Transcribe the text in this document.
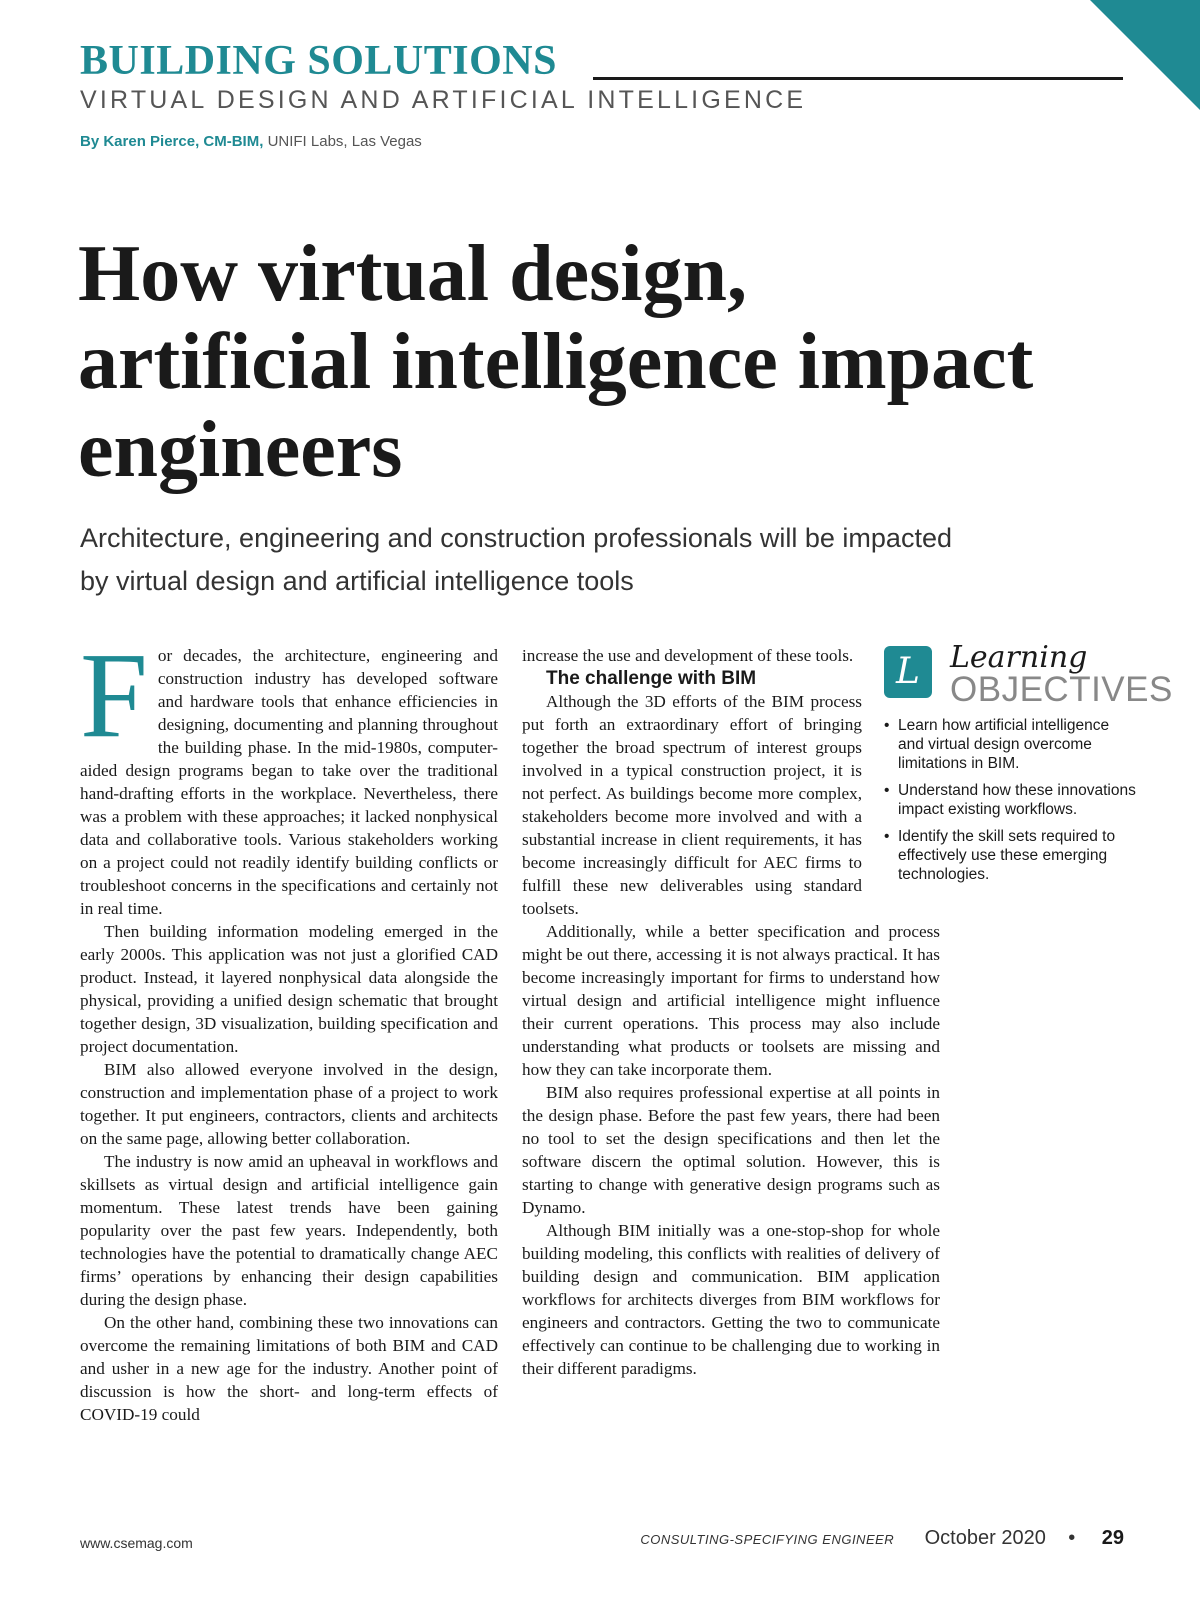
BUILDING SOLUTIONS
VIRTUAL DESIGN AND ARTIFICIAL INTELLIGENCE
By Karen Pierce, CM-BIM, UNIFI Labs, Las Vegas
How virtual design, artificial intelligence impact engineers
Architecture, engineering and construction professionals will be impacted by virtual design and artificial intelligence tools

For decades, the architecture, engineering and construction industry has developed software and hardware tools that enhance efficiencies in designing, documenting and planning throughout the building phase. In the mid-1980s, computer-aided design programs began to take over the traditional hand-drafting efforts in the workplace. Nevertheless, there was a problem with these approaches; it lacked nonphysical data and collaborative tools. Various stakeholders working on a project could not readily identify building conflicts or troubleshoot concerns in the specifications and certainly not in real time.

Then building information modeling emerged in the early 2000s. This application was not just a glorified CAD product. Instead, it layered nonphysical data alongside the physical, providing a unified design schematic that brought together design, 3D visualization, building specification and project documentation.

BIM also allowed everyone involved in the design, construction and implementation phase of a project to work together. It put engineers, contractors, clients and architects on the same page, allowing better collaboration.

The industry is now amid an upheaval in workflows and skillsets as virtual design and artificial intelligence gain momentum. These latest trends have been gaining popularity over the past few years. Independently, both technologies have the potential to dramatically change AEC firms’ operations by enhancing their design capabilities during the design phase.

On the other hand, combining these two innovations can overcome the remaining limitations of both BIM and CAD and usher in a new age for the industry. Another point of discussion is how the short- and long-term effects of COVID-19 could

increase the use and development of these tools.

The challenge with BIM

Although the 3D efforts of the BIM process put forth an extraordinary effort of bringing together the broad spectrum of interest groups involved in a typical construction project, it is not perfect. As buildings become more complex, stakeholders become more involved and with a substantial increase in client requirements, it has become increasingly difficult for AEC firms to fulfill these new deliverables using standard toolsets.

Additionally, while a better specification and process might be out there, accessing it is not always practical. It has become increasingly important for firms to understand how virtual design and artificial intelligence might influence their current operations. This process may also include understanding what products or toolsets are missing and how they can take incorporate them.

BIM also requires professional expertise at all points in the design phase. Before the past few years, there had been no tool to set the design specifications and then let the software discern the optimal solution. However, this is starting to change with generative design programs such as Dynamo.

Although BIM initially was a one-stop-shop for whole building modeling, this conflicts with realities of delivery of building design and communication. BIM application workflows for architects diverges from BIM workflows for engineers and contractors. Getting the two to communicate effectively can continue to be challenging due to working in their different paradigms.

L	Learning
OBJECTIVES
• Learn how artificial intelligence and virtual design overcome limitations in BIM.
• Understand how these innovations impact existing workflows.
• Identify the skill sets required to effectively use these emerging technologies.
www.csemag.com	CONSULTING-SPECIFYING ENGINEER October 2020 • 29
